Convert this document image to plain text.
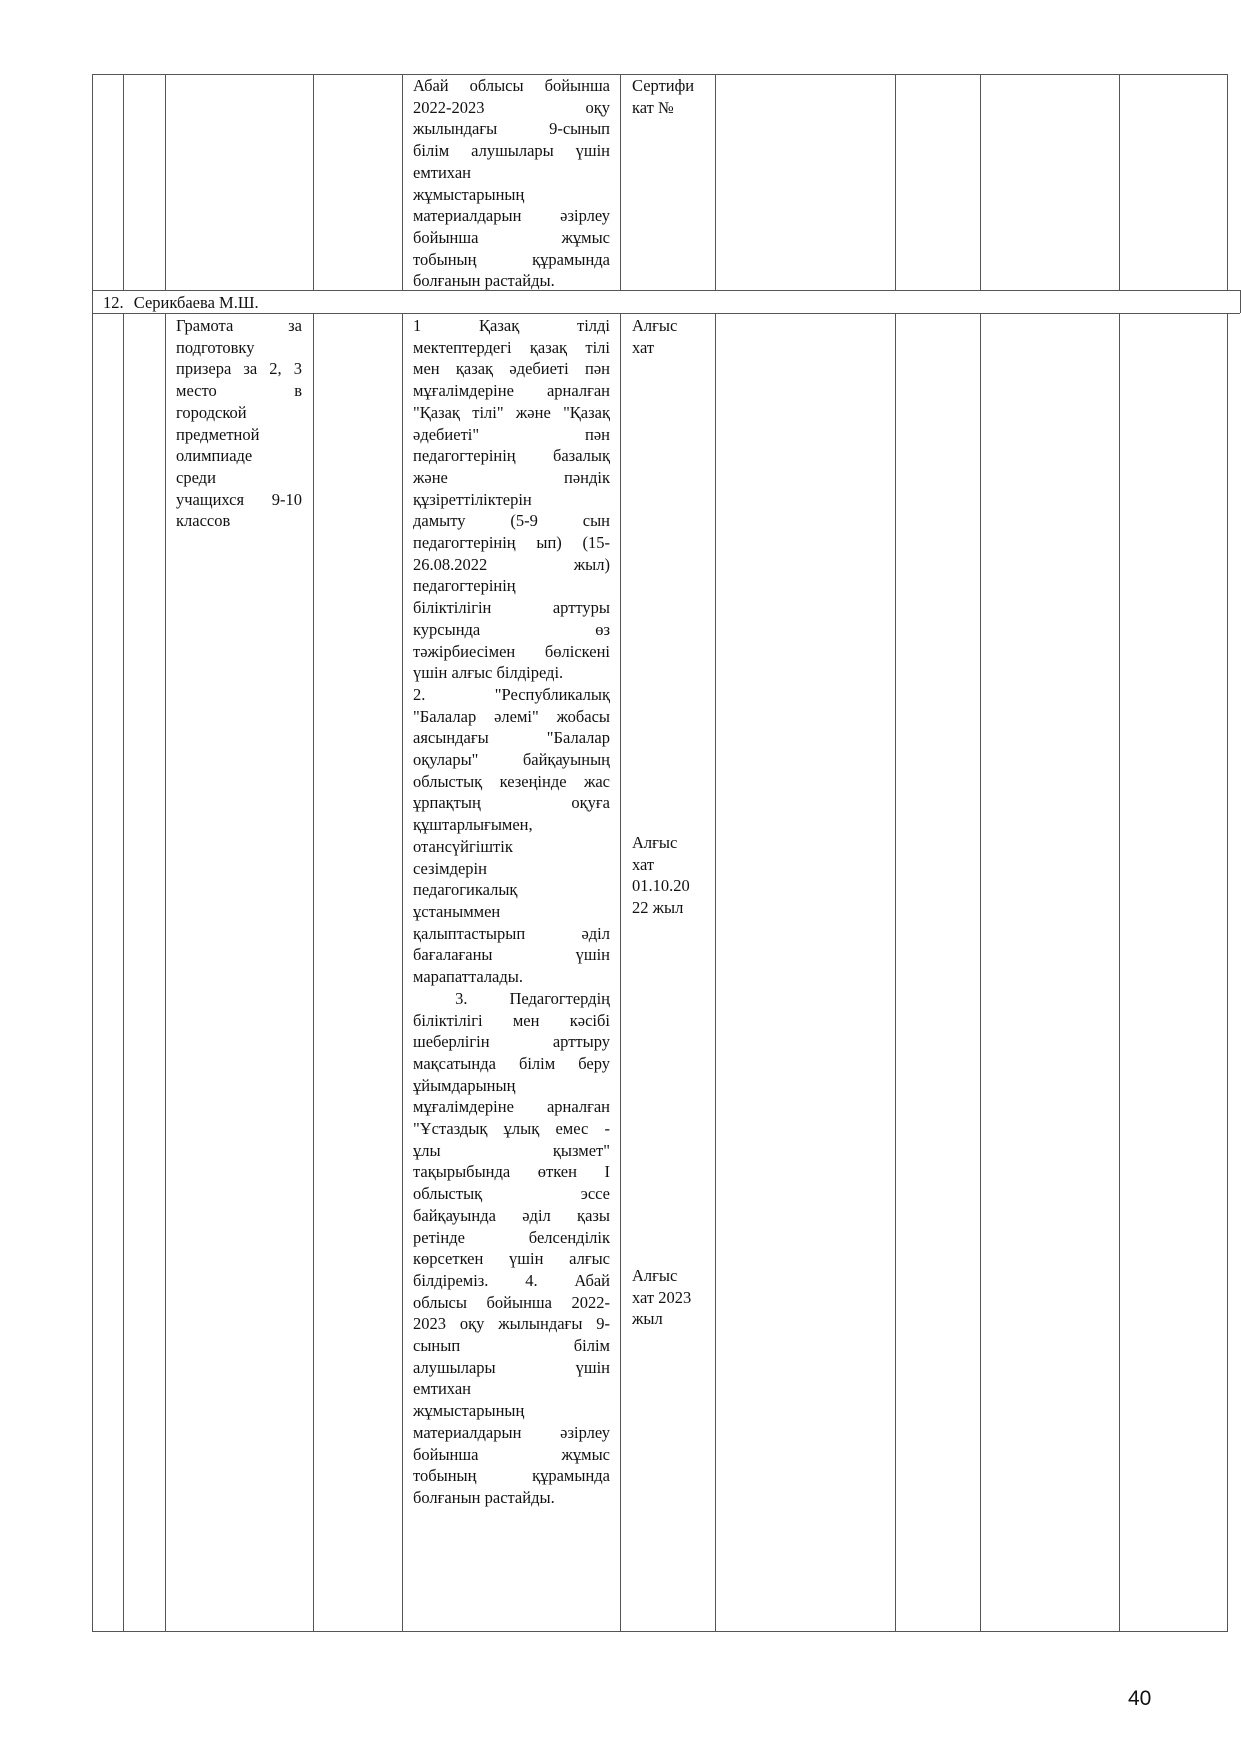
Абай облысы бойынша
2022-2023 оқу
жылындағы 9-сынып
білім алушылары үшін
емтихан
жұмыстарының
материалдарын әзірлеу
бойынша жұмыс
тобының құрамында
болғанын растайды.
Сертифи
кат №
12. Серикбаева М.Ш.
Грамота за
подготовку
призера за 2, 3
место в
городской
предметной
олимпиаде
среди
учащихся 9-10
классов
1 Қазақ тілді
мектептердегі қазақ тілі
мен қазақ әдебиеті пән
мұғалімдеріне арналған
"Қазақ тілі" және "Қазақ
әдебиеті" пән
педагогтерінің базалық
және пәндік
құзіреттіліктерін
дамыту (5-9 сын
педагогтерінің ып) (15-
26.08.2022 жыл)
педагогтерінің
біліктілігін арттуры
курсында өз
тәжірбиесімен бөліскені
үшін алғыс білдіреді.
2. "Республикалық
"Балалар әлемі" жобасы
аясындағы "Балалар
оқулары" байқауының
облыстық кезеңінде жас
ұрпақтың оқуға
құштарлығымен,
отансүйгіштік
сезімдерін
педагогикалық
ұстаныммен
қалыптастырып әділ
бағалағаны үшін
марапатталады.
3. Педагогтердің
біліктілігі мен кәсібі
шеберлігін арттыру
мақсатында білім беру
ұйымдарының
мұғалімдеріне арналған
"Ұстаздық ұлық емес -
ұлы қызмет"
тақырыбында өткен I
облыстық эссе
байқауында әділ қазы
ретінде белсенділік
көрсеткен үшін алғыс
білдіреміз. 4. Абай
облысы бойынша 2022-
2023 оқу жылындағы 9-
сынып білім
алушылары үшін
емтихан
жұмыстарының
материалдарын әзірлеу
бойынша жұмыс
тобының құрамында
болғанын растайды.
Алғыс
хат
Алғыс
хат
01.10.20
22 жыл
Алғыс
хат 2023
жыл
40
